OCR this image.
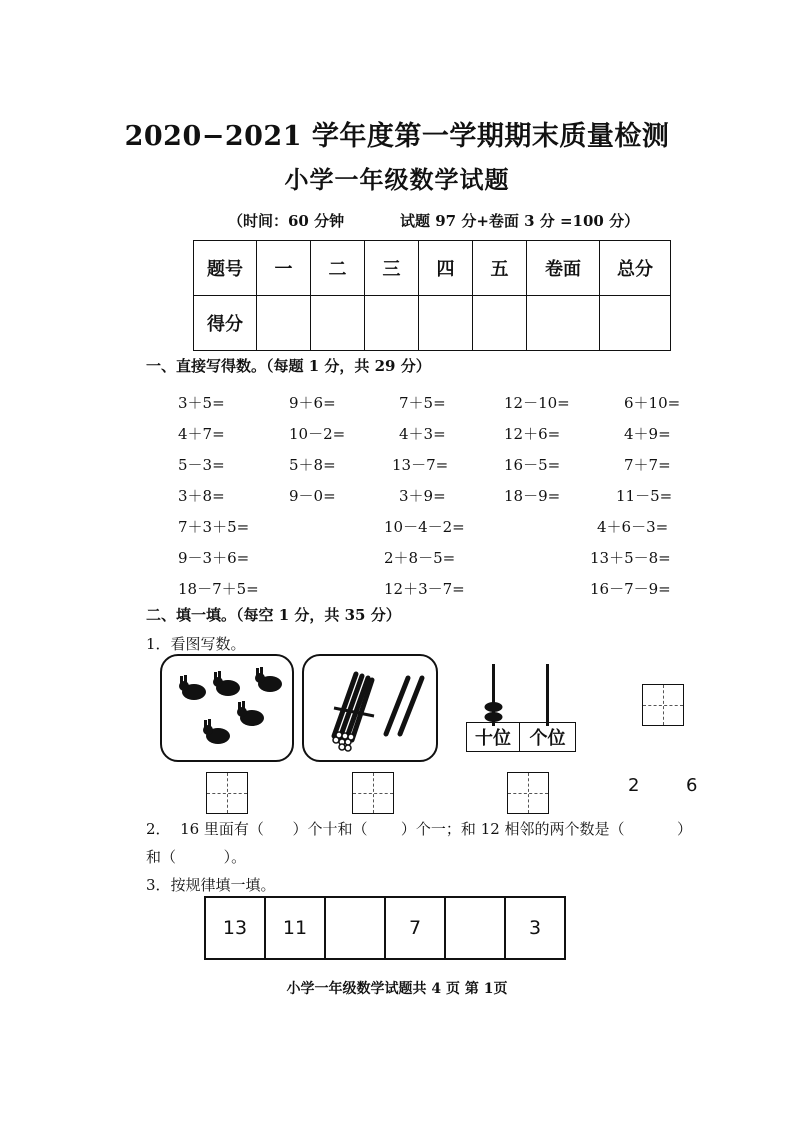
2020−2021 学年度第一学期期末质量检测
小学一年级数学试题
（时间：60 分钟	试题 97 分+卷面 3 分 =100 分）
题号	一	二	三	四	五	卷面	总分
得分							
一、直接写得数。（每题 1 分，共 29 分）
3＋5=	9＋6=	7＋5=	12－10=	6＋10=
4＋7=	10－2=	4＋3=	12＋6=	4＋9=
5－3=	5＋8=	13－7=	16－5=	7＋7=
3＋8=	9－0=	3＋9=	18－9=	11－5=
7＋3＋5=	10－4－2=	4＋6－3=
9－3＋6=	2＋8－5=	13＋5－8=
18－7＋5=	12＋3－7=	16－7－9=
二、填一填。（每空 1 分，共 35 分）
1．看图写数。
十位	个位
2	6
2．  16 里面有（      ）个十和（       ）个一；和 12 相邻的两个数是（           ）
和（          ）。
3．按规律填一填。
13	11		7		3
小学一年级数学试题共 4 页 第 1页
